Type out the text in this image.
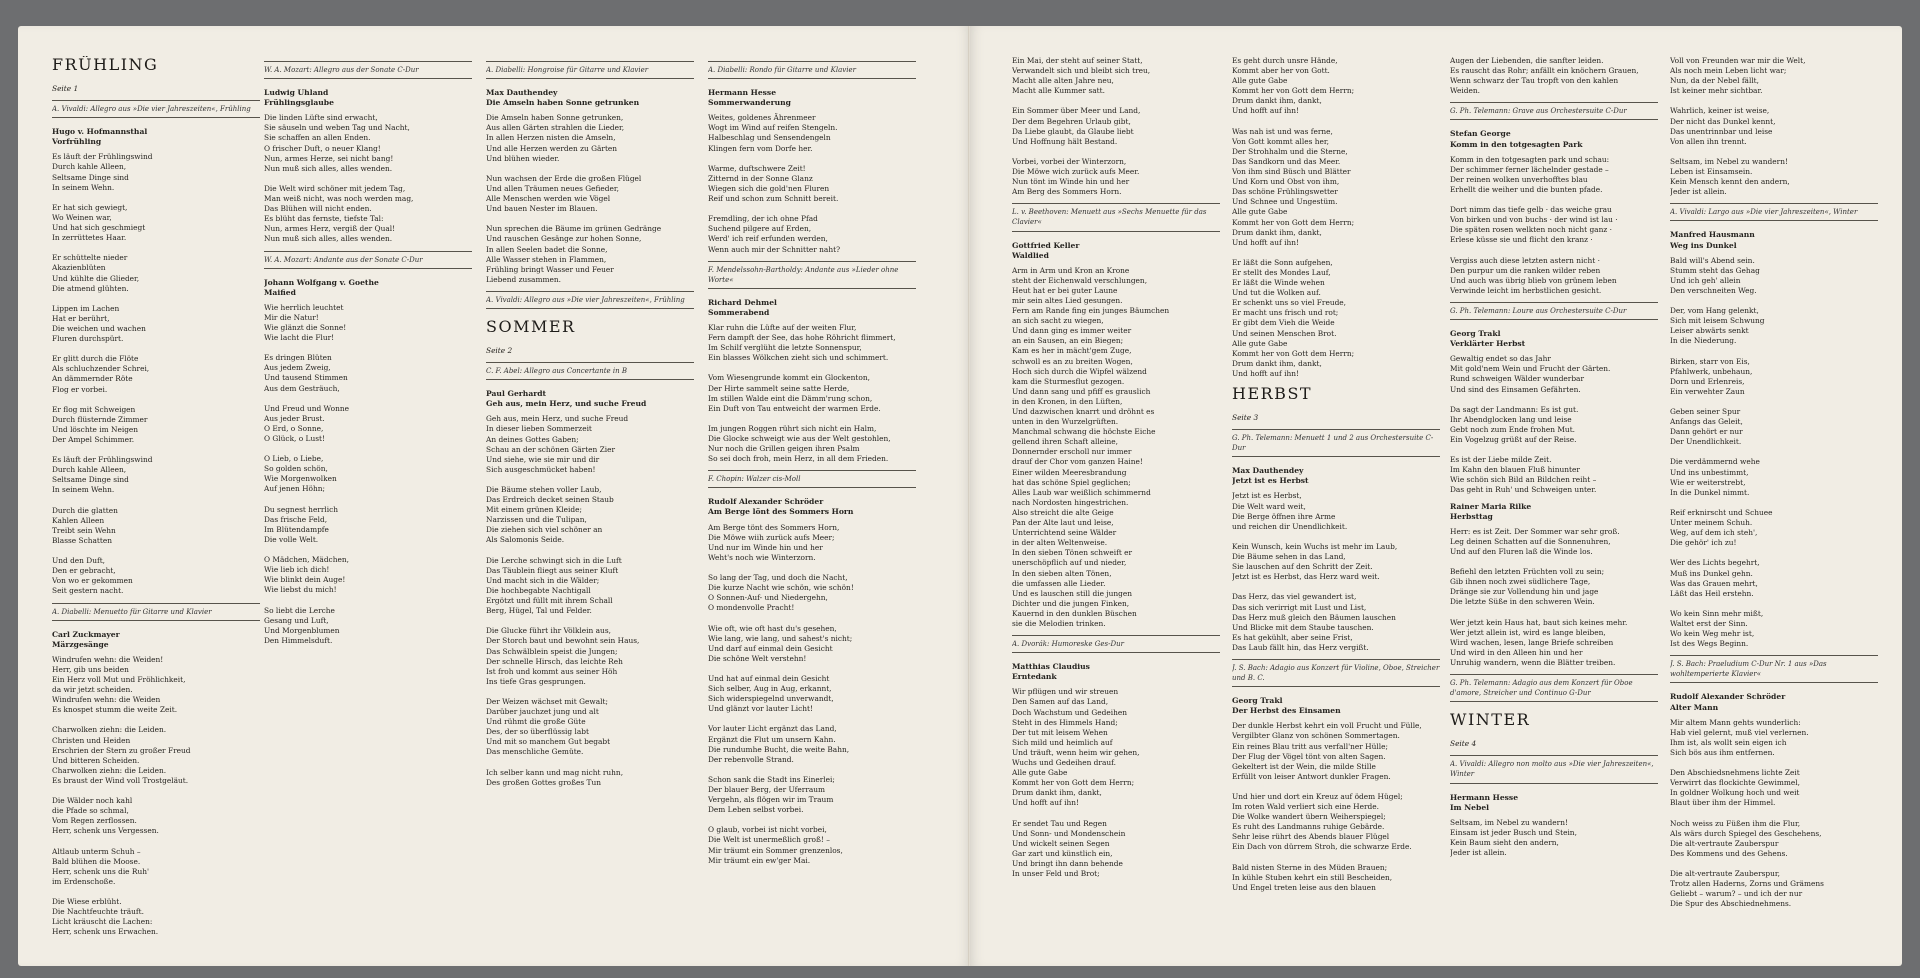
FRÜHLING
Seite 1
A. Vivaldi: Allegro aus »Die vier Jahreszeiten«, Frühling
Hugo v. Hofmannsthal
Vorfrühling
Es läuft der Frühlingswind
Durch kahle Alleen,
Seltsame Dinge sind
In seinem Wehn.

Er hat sich gewiegt,
Wo Weinen war,
Und hat sich geschmiegt
In zerrüttetes Haar.

Er schüttelte nieder
Akazienblüten
Und kühlte die Glieder,
Die atmend glühten.

Lippen im Lachen
Hat er berührt,
Die weichen und wachen
Fluren durchspürt.

Er glitt durch die Flöte
Als schluchzender Schrei,
An dämmernder Röte
Flog er vorbei.

Er flog mit Schweigen
Durch flüsternde Zimmer
Und löschte im Neigen
Der Ampel Schimmer.

Es läuft der Frühlingswind
Durch kahle Alleen,
Seltsame Dinge sind
In seinem Wehn.

Durch die glatten
Kahlen Alleen
Treibt sein Wehn
Blasse Schatten

Und den Duft,
Den er gebracht,
Von wo er gekommen
Seit gestern nacht.
A. Diabelli: Menuetto für Gitarre und Klavier
Carl Zuckmayer
Märzgesänge
Windrufen wehn: die Weiden!
Herr, gib uns beiden
Ein Herz voll Mut und Fröhlichkeit,
da wir jetzt scheiden.
Windrufen wehn: die Weiden
Es knospet stumm die weite Zeit.

Charwolken ziehn: die Leiden.
Christen und Heiden
Erschrien der Stern zu großer Freud
Und bitteren Scheiden.
Charwolken ziehn: die Leiden.
Es braust der Wind voll Trostgeläut.

Die Wälder noch kahl
die Pfade so schmal,
Vom Regen zerflossen.
Herr, schenk uns Vergessen.

Altlaub unterm Schuh –
Bald blühen die Moose.
Herr, schenk uns die Ruh'
im Erdenschoße.

Die Wiese erblüht.
Die Nachtfeuchte träuft.
Licht kräuscht die Lachen:
Herr, schenk uns Erwachen.
W. A. Mozart: Allegro aus der Sonate C-Dur
Ludwig Uhland
Frühlingsglaube
Die linden Lüfte sind erwacht,
Sie säuseln und weben Tag und Nacht,
Sie schaffen an allen Enden.
O frischer Duft, o neuer Klang!
Nun, armes Herze, sei nicht bang!
Nun muß sich alles, alles wenden.

Die Welt wird schöner mit jedem Tag,
Man weiß nicht, was noch werden mag,
Das Blühen will nicht enden.
Es blüht das fernste, tiefste Tal:
Nun, armes Herz, vergiß der Qual!
Nun muß sich alles, alles wenden.
W. A. Mozart: Andante aus der Sonate C-Dur
Johann Wolfgang v. Goethe
Maified
Wie herrlich leuchtet
Mir die Natur!
Wie glänzt die Sonne!
Wie lacht die Flur!

Es dringen Blüten
Aus jedem Zweig,
Und tausend Stimmen
Aus dem Gesträuch,

Und Freud und Wonne
Aus jeder Brust.
O Erd, o Sonne,
O Glück, o Lust!

O Lieb, o Liebe,
So golden schön,
Wie Morgenwolken
Auf jenen Höhn;

Du segnest herrlich
Das frische Feld,
Im Blütendampfe
Die volle Welt.

O Mädchen, Mädchen,
Wie lieb ich dich!
Wie blinkt dein Auge!
Wie liebst du mich!

So liebt die Lerche
Gesang und Luft,
Und Morgenblumen
Den Himmelsduft.
A. Diabelli: Hongroise für Gitarre und Klavier
Max Dauthendey
Die Amseln haben Sonne getrunken
Die Amseln haben Sonne getrunken,
Aus allen Gärten strahlen die Lieder,
In allen Herzen nisten die Amseln,
Und alle Herzen werden zu Gärten
Und blühen wieder.

Nun wachsen der Erde die großen Flügel
Und allen Träumen neues Gefieder,
Alle Menschen werden wie Vögel
Und bauen Nester im Blauen.

Nun sprechen die Bäume im grünen Gedränge
Und rauschen Gesänge zur hohen Sonne,
In allen Seelen badet die Sonne,
Alle Wasser stehen in Flammen,
Frühling bringt Wasser und Feuer
Liebend zusammen.
A. Vivaldi: Allegro aus »Die vier Jahreszeiten«, Frühling
SOMMER
Seite 2
C. F. Abel: Allegro aus Concertante in B
Paul Gerhardt
Geh aus, mein Herz, und suche Freud
Geh aus, mein Herz, und suche Freud
In dieser lieben Sommerzeit
An deines Gottes Gaben;
Schau an der schönen Gärten Zier
Und siehe, wie sie mir und dir
Sich ausgeschmücket haben!

Die Bäume stehen voller Laub,
Das Erdreich decket seinen Staub
Mit einem grünen Kleide;
Narzissen und die Tulipan,
Die ziehen sich viel schöner an
Als Salomonis Seide.

Die Lerche schwingt sich in die Luft
Das Täublein fliegt aus seiner Kluft
Und macht sich in die Wälder;
Die hochbegabte Nachtigall
Ergötzt und füllt mit ihrem Schall
Berg, Hügel, Tal und Felder.

Die Glucke führt ihr Völklein aus,
Der Storch baut und bewohnt sein Haus,
Das Schwälblein speist die Jungen;
Der schnelle Hirsch, das leichte Reh
Ist froh und kommt aus seiner Höh
Ins tiefe Gras gesprungen.

Der Weizen wächset mit Gewalt;
Darüber jauchzet jung und alt
Und rühmt die große Güte
Des, der so überflüssig labt
Und mit so manchem Gut begabt
Das menschliche Gemüte.

Ich selber kann und mag nicht ruhn,
Des großen Gottes großes Tun
A. Diabelli: Rondo für Gitarre und Klavier
Hermann Hesse
Sommerwanderung
Weites, goldenes Ährenmeer
Wogt im Wind auf reifen Stengeln.
Halbeschlag und Sensendengeln
Klingen fern vom Dorfe her.

Warme, duftschwere Zeit!
Zitternd in der Sonne Glanz
Wiegen sich die gold'nen Fluren
Reif und schon zum Schnitt bereit.

Fremdling, der ich ohne Pfad
Suchend pilgere auf Erden,
Werd' ich reif erfunden werden,
Wenn auch mir der Schnitter naht?
F. Mendelssohn-Bartholdy: Andante aus »Lieder ohne Worte«
Richard Dehmel
Sommerabend
Klar ruhn die Lüfte auf der weiten Flur,
Fern dampft der See, das hohe Röhricht flimmert,
Im Schilf verglüht die letzte Sonnenspur,
Ein blasses Wölkchen zieht sich und schimmert.

Vom Wiesengrunde kommt ein Glockenton,
Der Hirte sammelt seine satte Herde,
Im stillen Walde eint die Dämm'rung schon,
Ein Duft von Tau entweicht der warmen Erde.

Im jungen Roggen rührt sich nicht ein Halm,
Die Glocke schweigt wie aus der Welt gestohlen,
Nur noch die Grillen geigen ihren Psalm
So sei doch froh, mein Herz, in all dem Frieden.
F. Chopin: Walzer cis-Moll
Rudolf Alexander Schröder
Am Berge lönt des Sommers Horn
Am Berge tönt des Sommers Horn,
Die Möwe wiih zurück aufs Meer;
Und nur im Winde hin und her
Weht's noch wie Winterzorn.

So lang der Tag, und doch die Nacht,
Die kurze Nacht wie schön, wie schön!
O Sonnen-Auf- und Niedergehn,
O mondenvolle Pracht!

Wie oft, wie oft hast du's gesehen,
Wie lang, wie lang, und sahest's nicht;
Und darf auf einmal dein Gesicht
Die schöne Welt verstehn!

Und hat auf einmal dein Gesicht
Sich selber, Aug in Aug, erkannt,
Sich widerspiegelnd unverwandt,
Und glänzt vor lauter Licht!

Vor lauter Licht ergänzt das Land,
Ergänzt die Flut um unsern Kahn.
Die rundumhe Bucht, die weite Bahn,
Der rebenvolle Strand.

Schon sank die Stadt ins Einerlei;
Der blauer Berg, der Uferraum
Vergehn, als flögen wir im Traum
Dem Leben selbst vorbei.

O glaub, vorbei ist nicht vorbei,
Die Welt ist unermeßlich groß! –
Mir träumt ein Sommer grenzenlos,
Mir träumt ein ew'ger Mai.
Ein Mai, der steht auf seiner Statt,
Verwandelt sich und bleibt sich treu,
Macht alle alten Jahre neu,
Macht alle Kummer satt.

Ein Sommer über Meer und Land,
Der dem Begehren Urlaub gibt,
Da Liebe glaubt, da Glaube liebt
Und Hoffnung hält Bestand.

Vorbei, vorbei der Winterzorn,
Die Möwe wich zurück aufs Meer.
Nun tönt im Winde hin und her
Am Berg des Sommers Horn.
L. v. Beethoven: Menuett aus »Sechs Menuette für das Clavier«
Gottfried Keller
Waldlied
Arm in Arm und Kron an Krone
steht der Eichenwald verschlungen,
Heut hat er bei guter Laune
mir sein altes Lied gesungen.
Fern am Rande fing ein junges Bäumchen
an sich sacht zu wiegen,
Und dann ging es immer weiter
an ein Sausen, an ein Biegen;
Kam es her in mächt'gem Zuge,
schwoll es an zu breiten Wogen,
Hoch sich durch die Wipfel wälzend
kam die Sturmesflut gezogen.
Und dann sang und pfiff es grauslich
in den Kronen, in den Lüften,
Und dazwischen knarrt und dröhnt es
unten in den Wurzelgrüften.
Manchmal schwang die höchste Eiche
gellend ihren Schaft alleine,
Donnernder erscholl nur immer
drauf der Chor vom ganzen Haine!
Einer wilden Meeresbrandung
hat das schöne Spiel geglichen;
Alles Laub war weißlich schimmernd
nach Nordosten hingestrichen.
Also streicht die alte Geige
Pan der Alte laut und leise,
Unterrichtend seine Wälder
in der alten Weltenweise.
In den sieben Tönen schweift er
unerschöpflich auf und nieder,
In den sieben alten Tönen,
die umfassen alle Lieder.
Und es lauschen still die jungen
Dichter und die jungen Finken,
Kauernd in den dunklen Büschen
sie die Melodien trinken.
A. Dvorák: Humoreske Ges-Dur
Matthias Claudius
Erntedank
Wir pflügen und wir streuen
Den Samen auf das Land,
Doch Wachstum und Gedeihen
Steht in des Himmels Hand;
Der tut mit leisem Wehen
Sich mild und heimlich auf
Und träuft, wenn heim wir gehen,
Wuchs und Gedeihen drauf.
Alle gute Gabe
Kommt her von Gott dem Herrn;
Drum dankt ihm, dankt,
Und hofft auf ihn!

Er sendet Tau und Regen
Und Sonn- und Mondenschein
Und wickelt seinen Segen
Gar zart und künstlich ein,
Und bringt ihn dann behende
In unser Feld und Brot;
Es geht durch unsre Hände,
Kommt aber her von Gott.
Alle gute Gabe
Kommt her von Gott dem Herrn;
Drum dankt ihm, dankt,
Und hofft auf ihn!

Was nah ist und was ferne,
Von Gott kommt alles her,
Der Strohhalm und die Sterne,
Das Sandkorn und das Meer.
Von ihm sind Büsch und Blätter
Und Korn und Obst von ihm,
Das schöne Frühlingswetter
Und Schnee und Ungestüm.
Alle gute Gabe
Kommt her von Gott dem Herrn;
Drum dankt ihm, dankt,
Und hofft auf ihn!

Er läßt die Sonn aufgehen,
Er stellt des Mondes Lauf,
Er läßt die Winde wehen
Und tut die Wolken auf.
Er schenkt uns so viel Freude,
Er macht uns frisch und rot;
Er gibt dem Vieh die Weide
Und seinen Menschen Brot.
Alle gute Gabe
Kommt her von Gott dem Herrn;
Drum dankt ihm, dankt,
Und hofft auf ihn!
HERBST
Seite 3
G. Ph. Telemann: Menuett 1 und 2 aus Orchestersuite C-Dur
Max Dauthendey
Jetzt ist es Herbst
Jetzt ist es Herbst,
Die Welt ward weit,
Die Berge öffnen ihre Arme
und reichen dir Unendlichkeit.

Kein Wunsch, kein Wuchs ist mehr im Laub,
Die Bäume sehen in das Land,
Sie lauschen auf den Schritt der Zeit.
Jetzt ist es Herbst, das Herz ward weit.

Das Herz, das viel gewandert ist,
Das sich verirrigt mit Lust und List,
Das Herz muß gleich den Bäumen lauschen
Und Blicke mit dem Staube tauschen.
Es hat gekühlt, aber seine Frist,
Das Laub fällt hin, das Herz vergißt.
J. S. Bach: Adagio aus Konzert für Violine, Oboe, Streicher und B. C.
Georg Trakl
Der Herbst des Einsamen
Der dunkle Herbst kehrt ein voll Frucht und Fülle,
Vergilbter Glanz von schönen Sommertagen.
Ein reines Blau tritt aus verfall'ner Hülle;
Der Flug der Vögel tönt von alten Sagen.
Gekeltert ist der Wein, die milde Stille
Erfüllt von leiser Antwort dunkler Fragen.

Und hier und dort ein Kreuz auf ödem Hügel;
Im roten Wald verliert sich eine Herde.
Die Wolke wandert übern Weiherspiegel;
Es ruht des Landmanns ruhige Gebärde.
Sehr leise rührt des Abends blauer Flügel
Ein Dach von dürrem Stroh, die schwarze Erde.

Bald nisten Sterne in des Müden Brauen;
In kühle Stuben kehrt ein still Bescheiden,
Und Engel treten leise aus den blauen
Augen der Liebenden, die sanfter leiden.
Es rauscht das Rohr; anfällt ein knöchern Grauen,
Wenn schwarz der Tau tropft von den kahlen
Weiden.
G. Ph. Telemann: Grave aus Orchestersuite C-Dur
Stefan George
Komm in den totgesagten Park
Komm in den totgesagten park und schau:
Der schimmer ferner lächelnder gestade –
Der reinen wolken unverhofftes blau
Erhellt die weiher und die bunten pfade.

Dort nimm das tiefe gelb · das weiche grau
Von birken und von buchs · der wind ist lau ·
Die späten rosen welkten noch nicht ganz ·
Erlese küsse sie und flicht den kranz ·

Vergiss auch diese letzten astern nicht ·
Den purpur um die ranken wilder reben
Und auch was übrig blieb von grünem leben
Verwinde leicht im herbstlichen gesicht.
G. Ph. Telemann: Loure aus Orchestersuite C-Dur
Georg Trakl
Verklärter Herbst
Gewaltig endet so das Jahr
Mit gold'nem Wein und Frucht der Gärten.
Rund schweigen Wälder wunderbar
Und sind des Einsamen Gefährten.

Da sagt der Landmann: Es ist gut.
Ihr Abendglocken lang und leise
Gebt noch zum Ende frohen Mut.
Ein Vogelzug grüßt auf der Reise.

Es ist der Liebe milde Zeit.
Im Kahn den blauen Fluß hinunter
Wie schön sich Bild an Bildchen reiht –
Das geht in Ruh' und Schweigen unter.
Rainer Maria Rilke
Herbsttag
Herr: es ist Zeit. Der Sommer war sehr groß.
Leg deinen Schatten auf die Sonnenuhren,
Und auf den Fluren laß die Winde los.

Befiehl den letzten Früchten voll zu sein;
Gib ihnen noch zwei südlichere Tage,
Dränge sie zur Vollendung hin und jage
Die letzte Süße in den schweren Wein.

Wer jetzt kein Haus hat, baut sich keines mehr.
Wer jetzt allein ist, wird es lange bleiben,
Wird wachen, lesen, lange Briefe schreiben
Und wird in den Alleen hin und her
Unruhig wandern, wenn die Blätter treiben.
G. Ph. Telemann: Adagio aus dem Konzert für Oboe d'amore, Streicher und Continuo G-Dur
WINTER
Seite 4
A. Vivaldi: Allegro non molto aus »Die vier Jahreszeiten«, Winter
Hermann Hesse
Im Nebel
Seltsam, im Nebel zu wandern!
Einsam ist jeder Busch und Stein,
Kein Baum sieht den andern,
Jeder ist allein.
Voll von Freunden war mir die Welt,
Als noch mein Leben licht war;
Nun, da der Nebel fällt,
Ist keiner mehr sichtbar.

Wahrlich, keiner ist weise,
Der nicht das Dunkel kennt,
Das unentrinnbar und leise
Von allen ihn trennt.

Seltsam, im Nebel zu wandern!
Leben ist Einsamsein.
Kein Mensch kennt den andern,
Jeder ist allein.
A. Vivaldi: Largo aus »Die vier Jahreszeiten«, Winter
Manfred Hausmann
Weg ins Dunkel
Bald will's Abend sein.
Stumm steht das Gehag
Und ich geh' allein
Den verschneiten Weg.

Der, vom Hang gelenkt,
Sich mit leisem Schwung
Leiser abwärts senkt
In die Niederung.

Birken, starr von Eis,
Pfahlwerk, unbehaun,
Dorn und Erlenreis,
Ein verwehter Zaun

Geben seiner Spur
Anfangs das Geleit,
Dann gehört er nur
Der Unendlichkeit.

Die verdämmernd wehe
Und ins unbestimmt,
Wie er weiterstrebt,
In die Dunkel nimmt.

Reif erknirscht und Schuee
Unter meinem Schuh.
Weg, auf dem ich steh',
Die gehör' ich zu!

Wer des Lichts begehrt,
Muß ins Dunkel gehn.
Was das Grauen mehrt,
Läßt das Heil erstehn.

Wo kein Sinn mehr mißt,
Waltet erst der Sinn.
Wo kein Weg mehr ist,
Ist des Wegs Beginn.
J. S. Bach: Praeludium C-Dur Nr. 1 aus »Das wohltemperierte Klavier«
Rudolf Alexander Schröder
Alter Mann
Mir altem Mann gehts wunderlich:
Hab viel gelernt, muß viel verlernen.
Ihm ist, als wollt sein eigen ich
Sich bös aus ihm entfernen.

Den Abschiedsnehmens lichte Zeit
Verwirrt das flockichte Gewimmel,
In goldner Wolkung hoch und weit
Blaut über ihm der Himmel.

Noch weiss zu Füßen ihm die Flur,
Als wärs durch Spiegel des Geschehens,
Die alt-vertraute Zauberspur
Des Kommens und des Gehens.

Die alt-vertraute Zauberspur,
Trotz allen Haderns, Zorns und Grämens
Geliebt – warum? – und ich der nur
Die Spur des Abschiednehmens.
